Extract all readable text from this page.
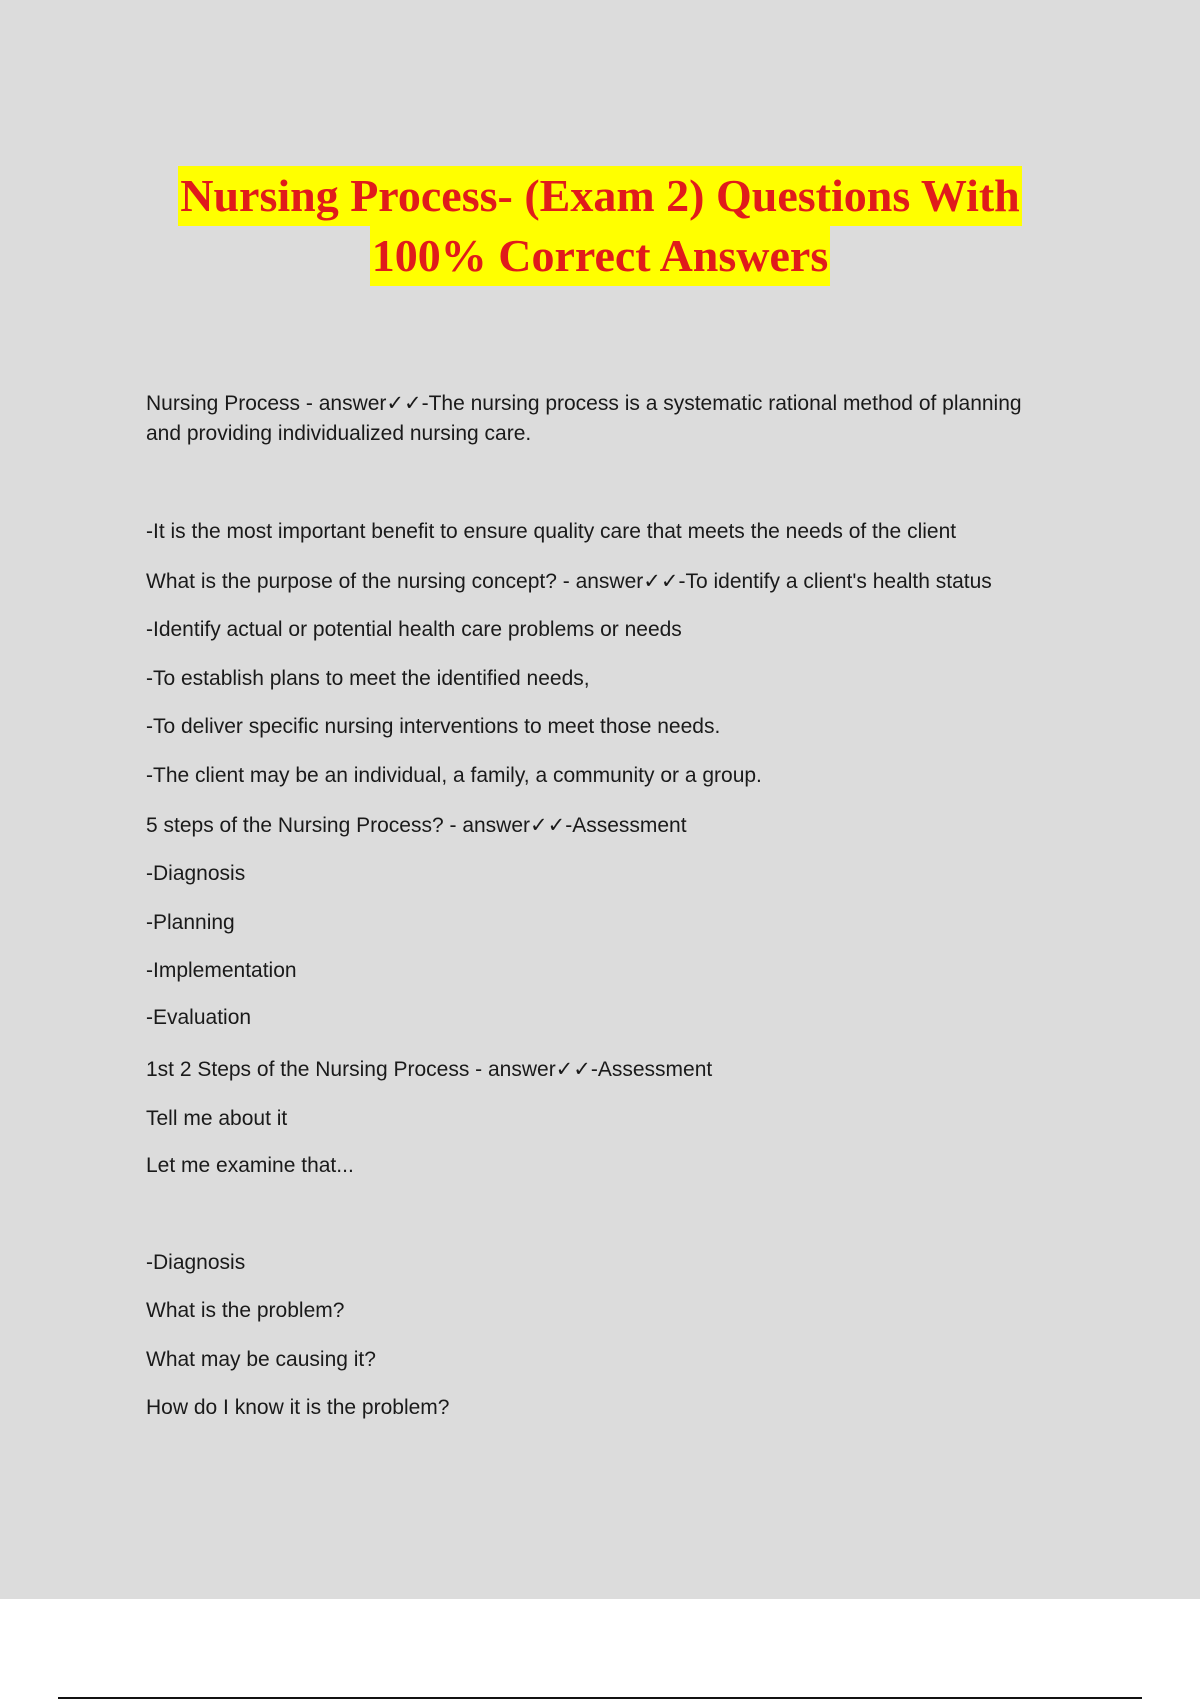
Nursing Process- (Exam 2) Questions With
100% Correct Answers
Nursing Process - answer✓✓-The nursing process is a systematic rational method of planning
and providing individualized nursing care.
-It is the most important benefit to ensure quality care that meets the needs of the client
What is the purpose of the nursing concept? - answer✓✓-To identify a client's health status
-Identify actual or potential health care problems or needs
-To establish plans to meet the identified needs,
-To deliver specific nursing interventions to meet those needs.
-The client may be an individual, a family, a community or a group.
5 steps of the Nursing Process? - answer✓✓-Assessment
-Diagnosis
-Planning
-Implementation
-Evaluation
1st 2 Steps of the Nursing Process - answer✓✓-Assessment
Tell me about it
Let me examine that...
-Diagnosis
What is the problem?
What may be causing it?
How do I know it is the problem?
